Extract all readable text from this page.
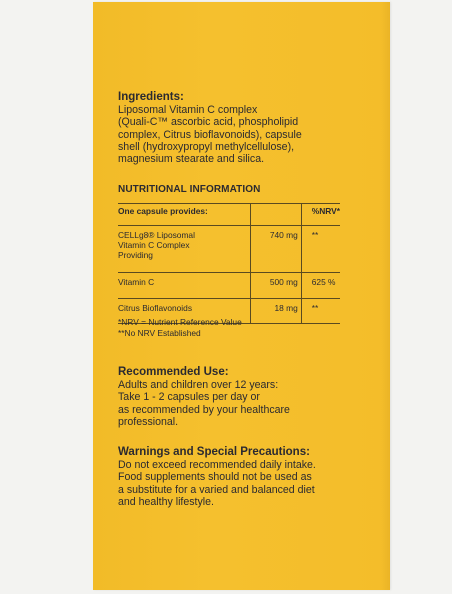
Ingredients:
Liposomal Vitamin C complex
(Quali-C™ ascorbic acid, phospholipid
complex, Citrus bioflavonoids), capsule
shell (hydroxypropyl methylcellulose),
magnesium stearate and silica.
NUTRITIONAL INFORMATION
One capsule provides:		%NRV*

CELLg8® Liposomal
Vitamin C Complex
Providing	740 mg	**
Vitamin C	500 mg	625 %
Citrus Bioflavonoids	18 mg	**
*NRV = Nutrient Reference Value
**No NRV Established
Recommended Use:
Adults and children over 12 years:
Take 1 - 2 capsules per day or
as recommended by your healthcare
professional.
Warnings and Special Precautions:
Do not exceed recommended daily intake.
Food supplements should not be used as
a substitute for a varied and balanced diet
and healthy lifestyle.
